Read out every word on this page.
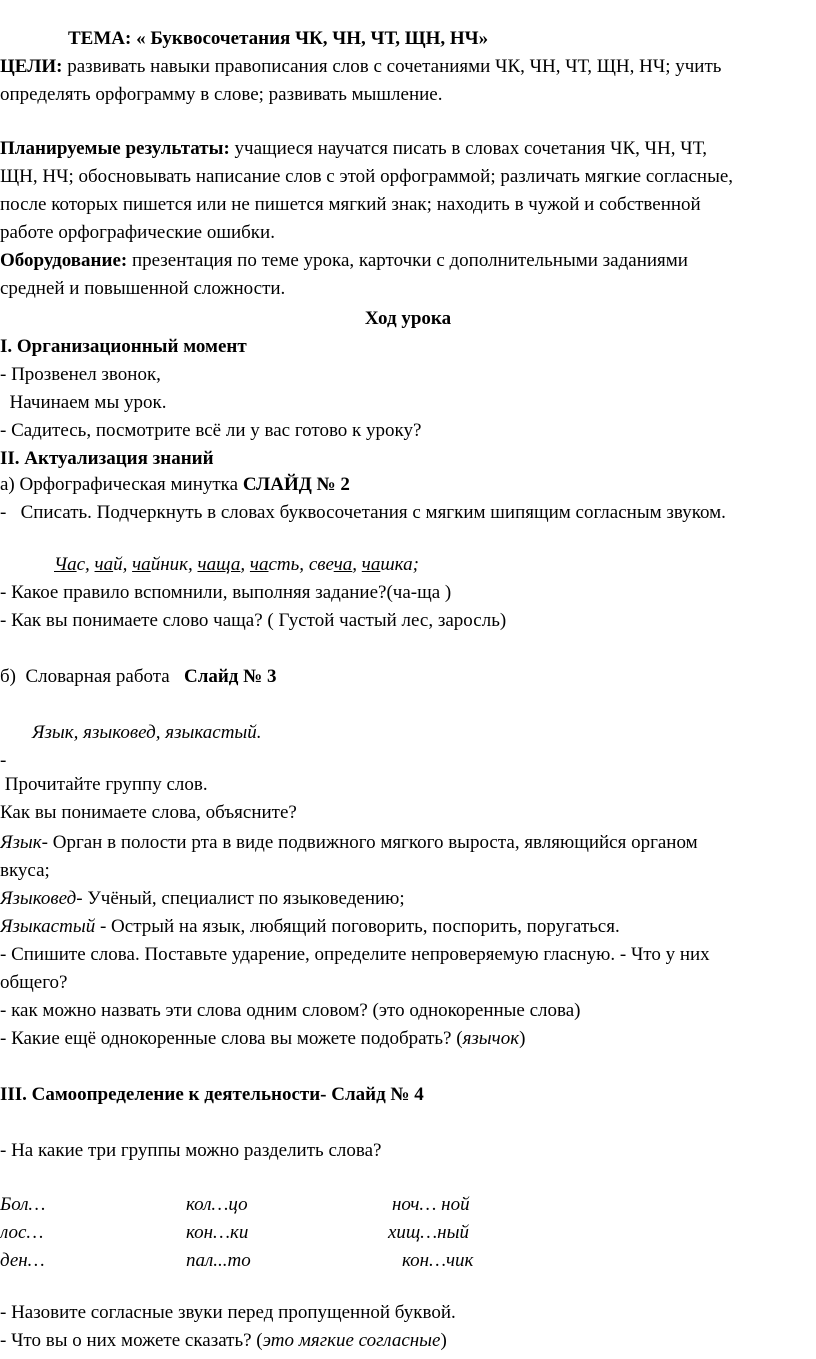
ТЕМА: « Буквосочетания ЧК, ЧН, ЧТ, ЩН, НЧ»
ЦЕЛИ: развивать навыки правописания слов с сочетаниями ЧК, ЧН, ЧТ, ЩН, НЧ; учить
определять орфограмму в слове; развивать мышление.
Планируемые результаты: учащиеся научатся писать в словах сочетания ЧК, ЧН, ЧТ,
ЩН, НЧ; обосновывать написание слов с этой орфограммой; различать мягкие согласные,
после которых пишется или не пишется мягкий знак; находить в чужой и собственной
работе орфографические ошибки.
Оборудование: презентация по теме урока, карточки с дополнительными заданиями
средней и повышенной сложности.
Ход урока
I. Организационный момент
- Прозвенел звонок,
Начинаем мы урок.
- Садитесь, посмотрите всё ли у вас готово к уроку?
II. Актуализация знаний
а) Орфографическая минутка СЛАЙД № 2
-   Списать. Подчеркнуть в словах буквосочетания с мягким шипящим согласным звуком.
Час, чай, чайник, чаща, часть, свеча, чашка;
- Какое правило вспомнили, выполняя задание?(ча-ща )
- Как вы понимаете слово чаща? ( Густой частый лес, заросль)
б)  Словарная работа   Слайд № 3
Язык, языковед, языкастый.
-
Прочитайте группу слов.
Как вы понимаете слова, объясните?
Язык- Орган в полости рта в виде подвижного мягкого выроста, являющийся органом
вкуса;
Языковед- Учёный, специалист по языковедению;
Языкастый - Острый на язык, любящий поговорить, поспорить, поругаться.
- Спишите слова. Поставьте ударение, определите непроверяемую гласную. - Что у них
общего?
- как можно назвать эти слова одним словом? (это однокоренные слова)
- Какие ещё однокоренные слова вы можете подобрать? (язычок)
III. Самоопределение к деятельности- Слайд № 4
- На какие три группы можно разделить слова?
Бол…
лос…
ден…
кол…цо
кон…ки
пал...то
ноч… ной
хищ…ный
кон…чик
- Назовите согласные звуки перед пропущенной буквой.
- Что вы о них можете сказать? (это мягкие согласные)
